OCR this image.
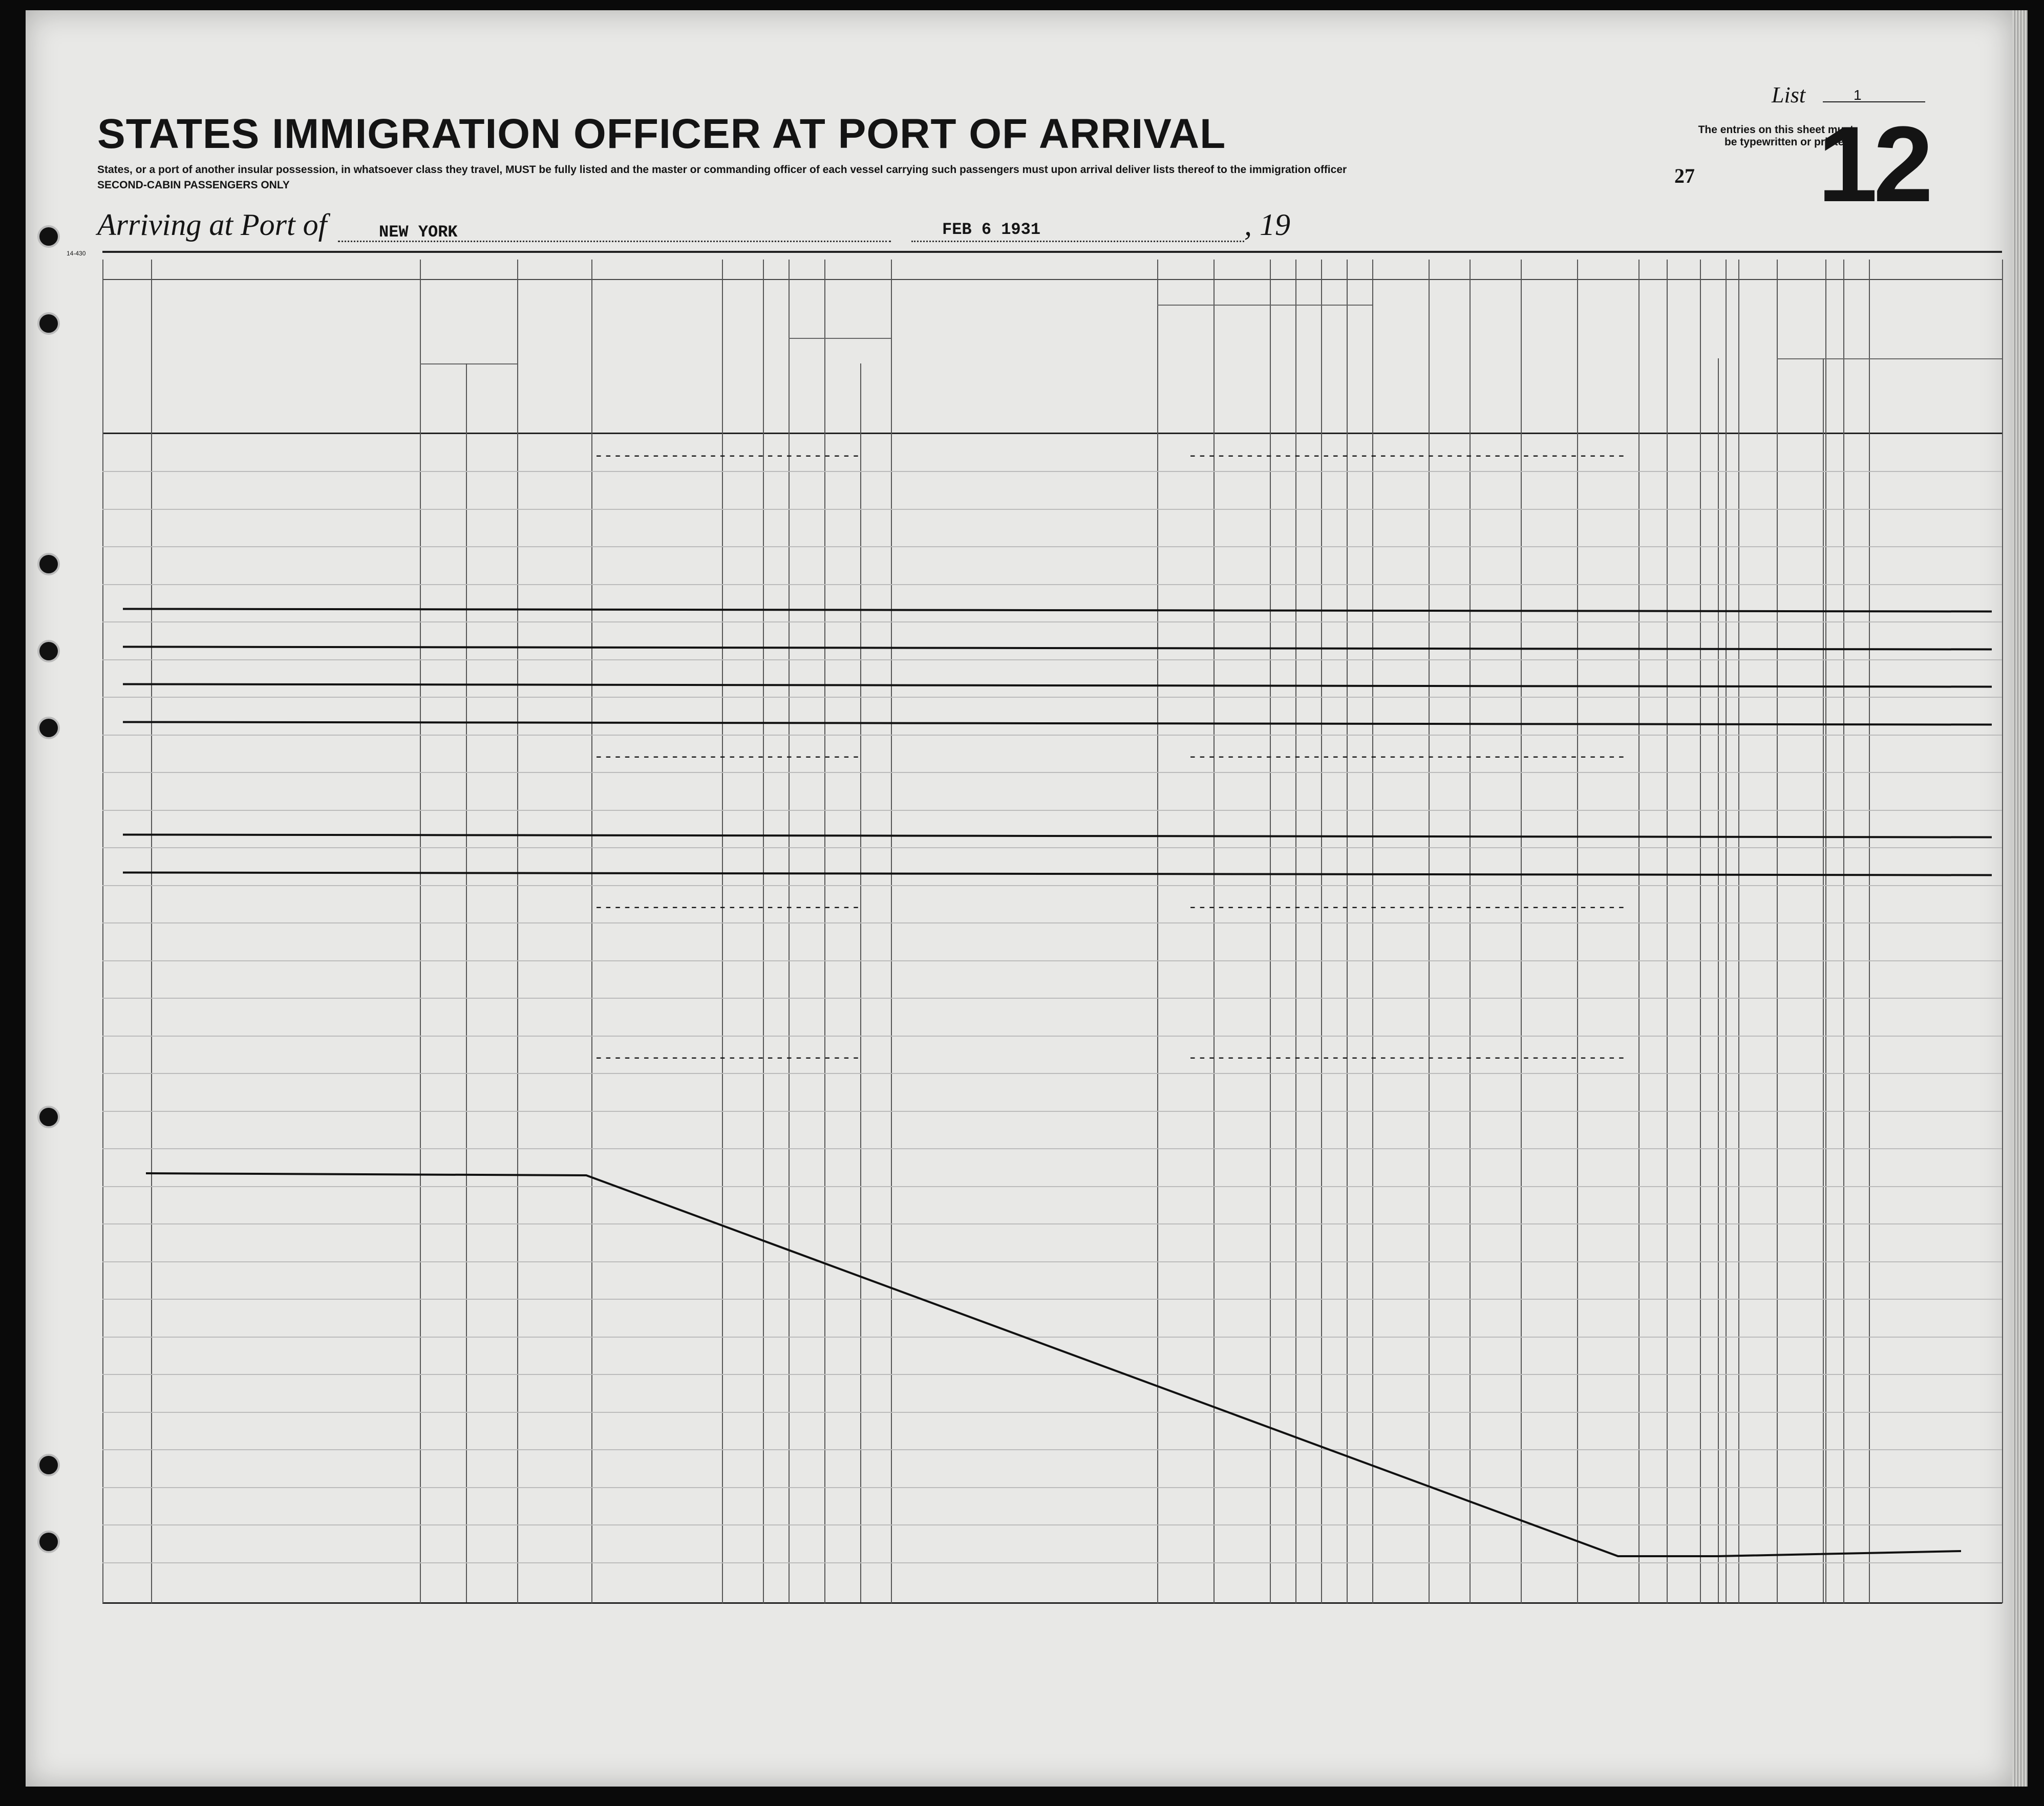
STATES IMMIGRATION OFFICER AT PORT OF ARRIVAL
States, or a port of another insular possession, in whatsoever class they travel, MUST be fully listed and the master or commanding officer of each vessel carrying such passengers must upon arrival deliver lists thereof to the immigration officer
SECOND-CABIN PASSENGERS ONLY
List	1
The entries on this sheet must be typewritten or printed.
27 12
Arriving at Port of	NEW YORK	FEB 6 1931	, 19
14-430
----------------------------	----------------------------------------------
----------------------------	----------------------------------------------
----------------------------	----------------------------------------------
----------------------------	----------------------------------------------
